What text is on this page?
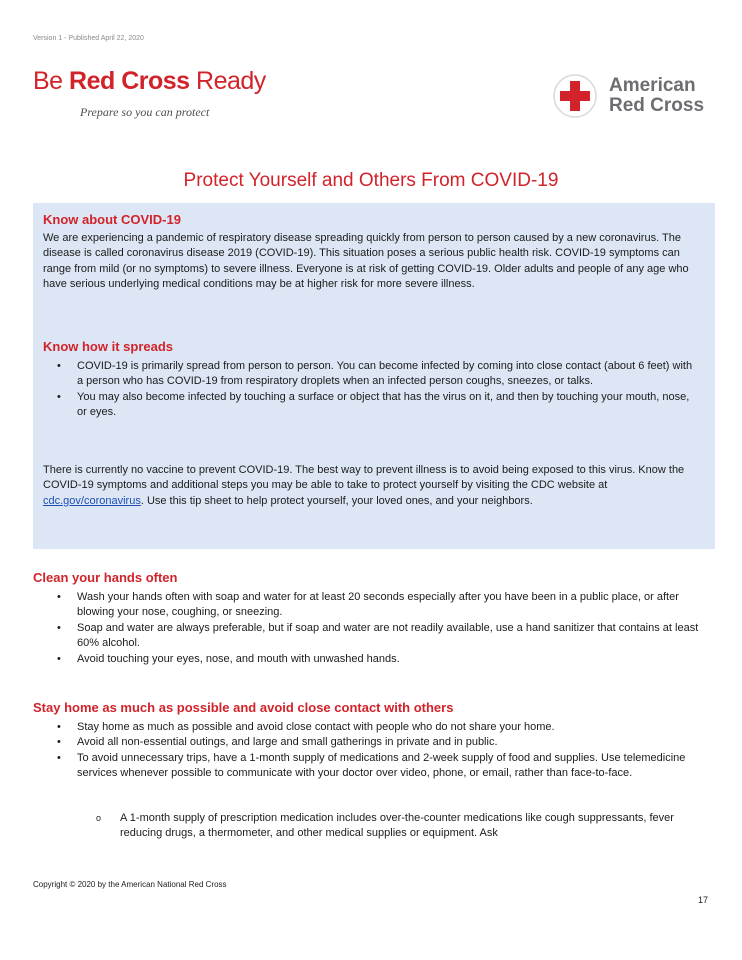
Version 1 - Published April 22, 2020
Be Red Cross Ready
Prepare so you can protect
American
Red Cross
Protect Yourself and Others From COVID-19
Know about COVID-19

We are experiencing a pandemic of respiratory disease spreading quickly from person to person caused by a new coronavirus. The disease is called coronavirus disease 2019 (COVID-19). This situation poses a serious public health risk. COVID-19 symptoms can range from mild (or no symptoms) to severe illness. Everyone is at risk of getting COVID-19. Older adults and people of any age who have serious underlying medical conditions may be at higher risk for more severe illness.

Know how it spreads
• COVID-19 is primarily spread from person to person. You can become infected by coming into close contact (about 6 feet) with a person who has COVID-19 from respiratory droplets when an infected person coughs, sneezes, or talks.
• You may also become infected by touching a surface or object that has the virus on it, and then by touching your mouth, nose, or eyes.

There is currently no vaccine to prevent COVID-19. The best way to prevent illness is to avoid being exposed to this virus. Know the COVID-19 symptoms and additional steps you may be able to take to protect yourself by visiting the CDC website at cdc.gov/coronavirus. Use this tip sheet to help protect yourself, your loved ones, and your neighbors.

Clean your hands often
• Wash your hands often with soap and water for at least 20 seconds especially after you have been in a public place, or after blowing your nose, coughing, or sneezing.
• Soap and water are always preferable, but if soap and water are not readily available, use a hand sanitizer that contains at least 60% alcohol.
• Avoid touching your eyes, nose, and mouth with unwashed hands.
Stay home as much as possible and avoid close contact with others
• Stay home as much as possible and avoid close contact with people who do not share your home.
• Avoid all non-essential outings, and large and small gatherings in private and in public.
• To avoid unnecessary trips, have a 1-month supply of medications and 2-week supply of food and supplies. Use telemedicine services whenever possible to communicate with your doctor over video, phone, or email, rather than face-to-face.
o A 1-month supply of prescription medication includes over-the-counter medications like cough suppressants, fever reducing drugs, a thermometer, and other medical supplies or equipment. Ask
Copyright © 2020 by the American National Red Cross
17
